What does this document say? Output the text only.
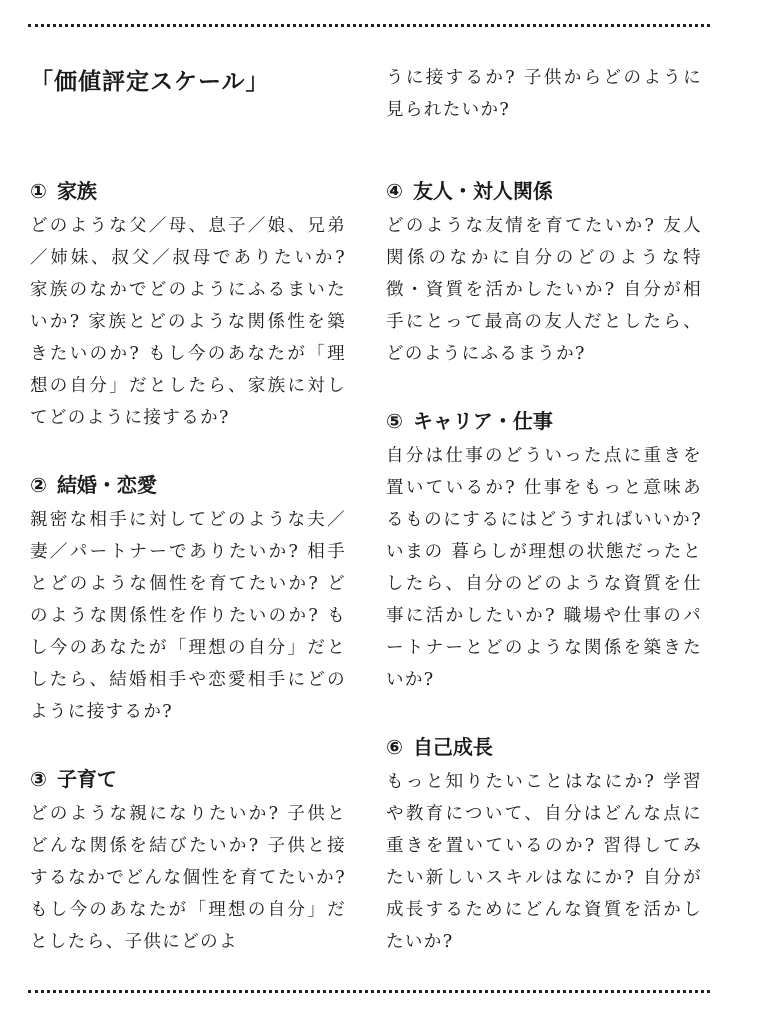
「価値評定スケール」
① 家族

どのような父／母、息子／娘、兄弟／姉妹、叔父／叔母でありたいか? 家族のなかでどのようにふるまいたいか? 家族とどのような関係性を築きたいのか? もし今のあなたが「理想の自分」だとしたら、家族に対してどのように接するか?

② 結婚・恋愛

親密な相手に対してどのような夫／妻／パートナーでありたいか? 相手とどのような個性を育てたいか? どのような関係性を作りたいのか? もし今のあなたが「理想の自分」だとしたら、結婚相手や恋愛相手にどのように接するか?

③ 子育て

どのような親になりたいか? 子供とどんな関係を結びたいか? 子供と接するなかでどんな個性を育てたいか? もし今のあなたが「理想の自分」だとしたら、子供にどのよ

うに接するか? 子供からどのように見られたいか?

④ 友人・対人関係

どのような友情を育てたいか? 友人関係のなかに自分のどのような特徴・資質を活かしたいか? 自分が相手にとって最高の友人だとしたら、どのようにふるまうか?

⑤ キャリア・仕事

自分は仕事のどういった点に重きを置いているか? 仕事をもっと意味あるものにするにはどうすればいいか? いまの 暮らしが理想の状態だったとしたら、自分のどのような資質を仕事に活かしたいか? 職場や仕事のパートナーとどのような関係を築きたいか?

⑥ 自己成長

もっと知りたいことはなにか? 学習や教育について、自分はどんな点に重きを置いているのか? 習得してみたい新しいスキルはなにか? 自分が成長するためにどんな資質を活かしたいか?
